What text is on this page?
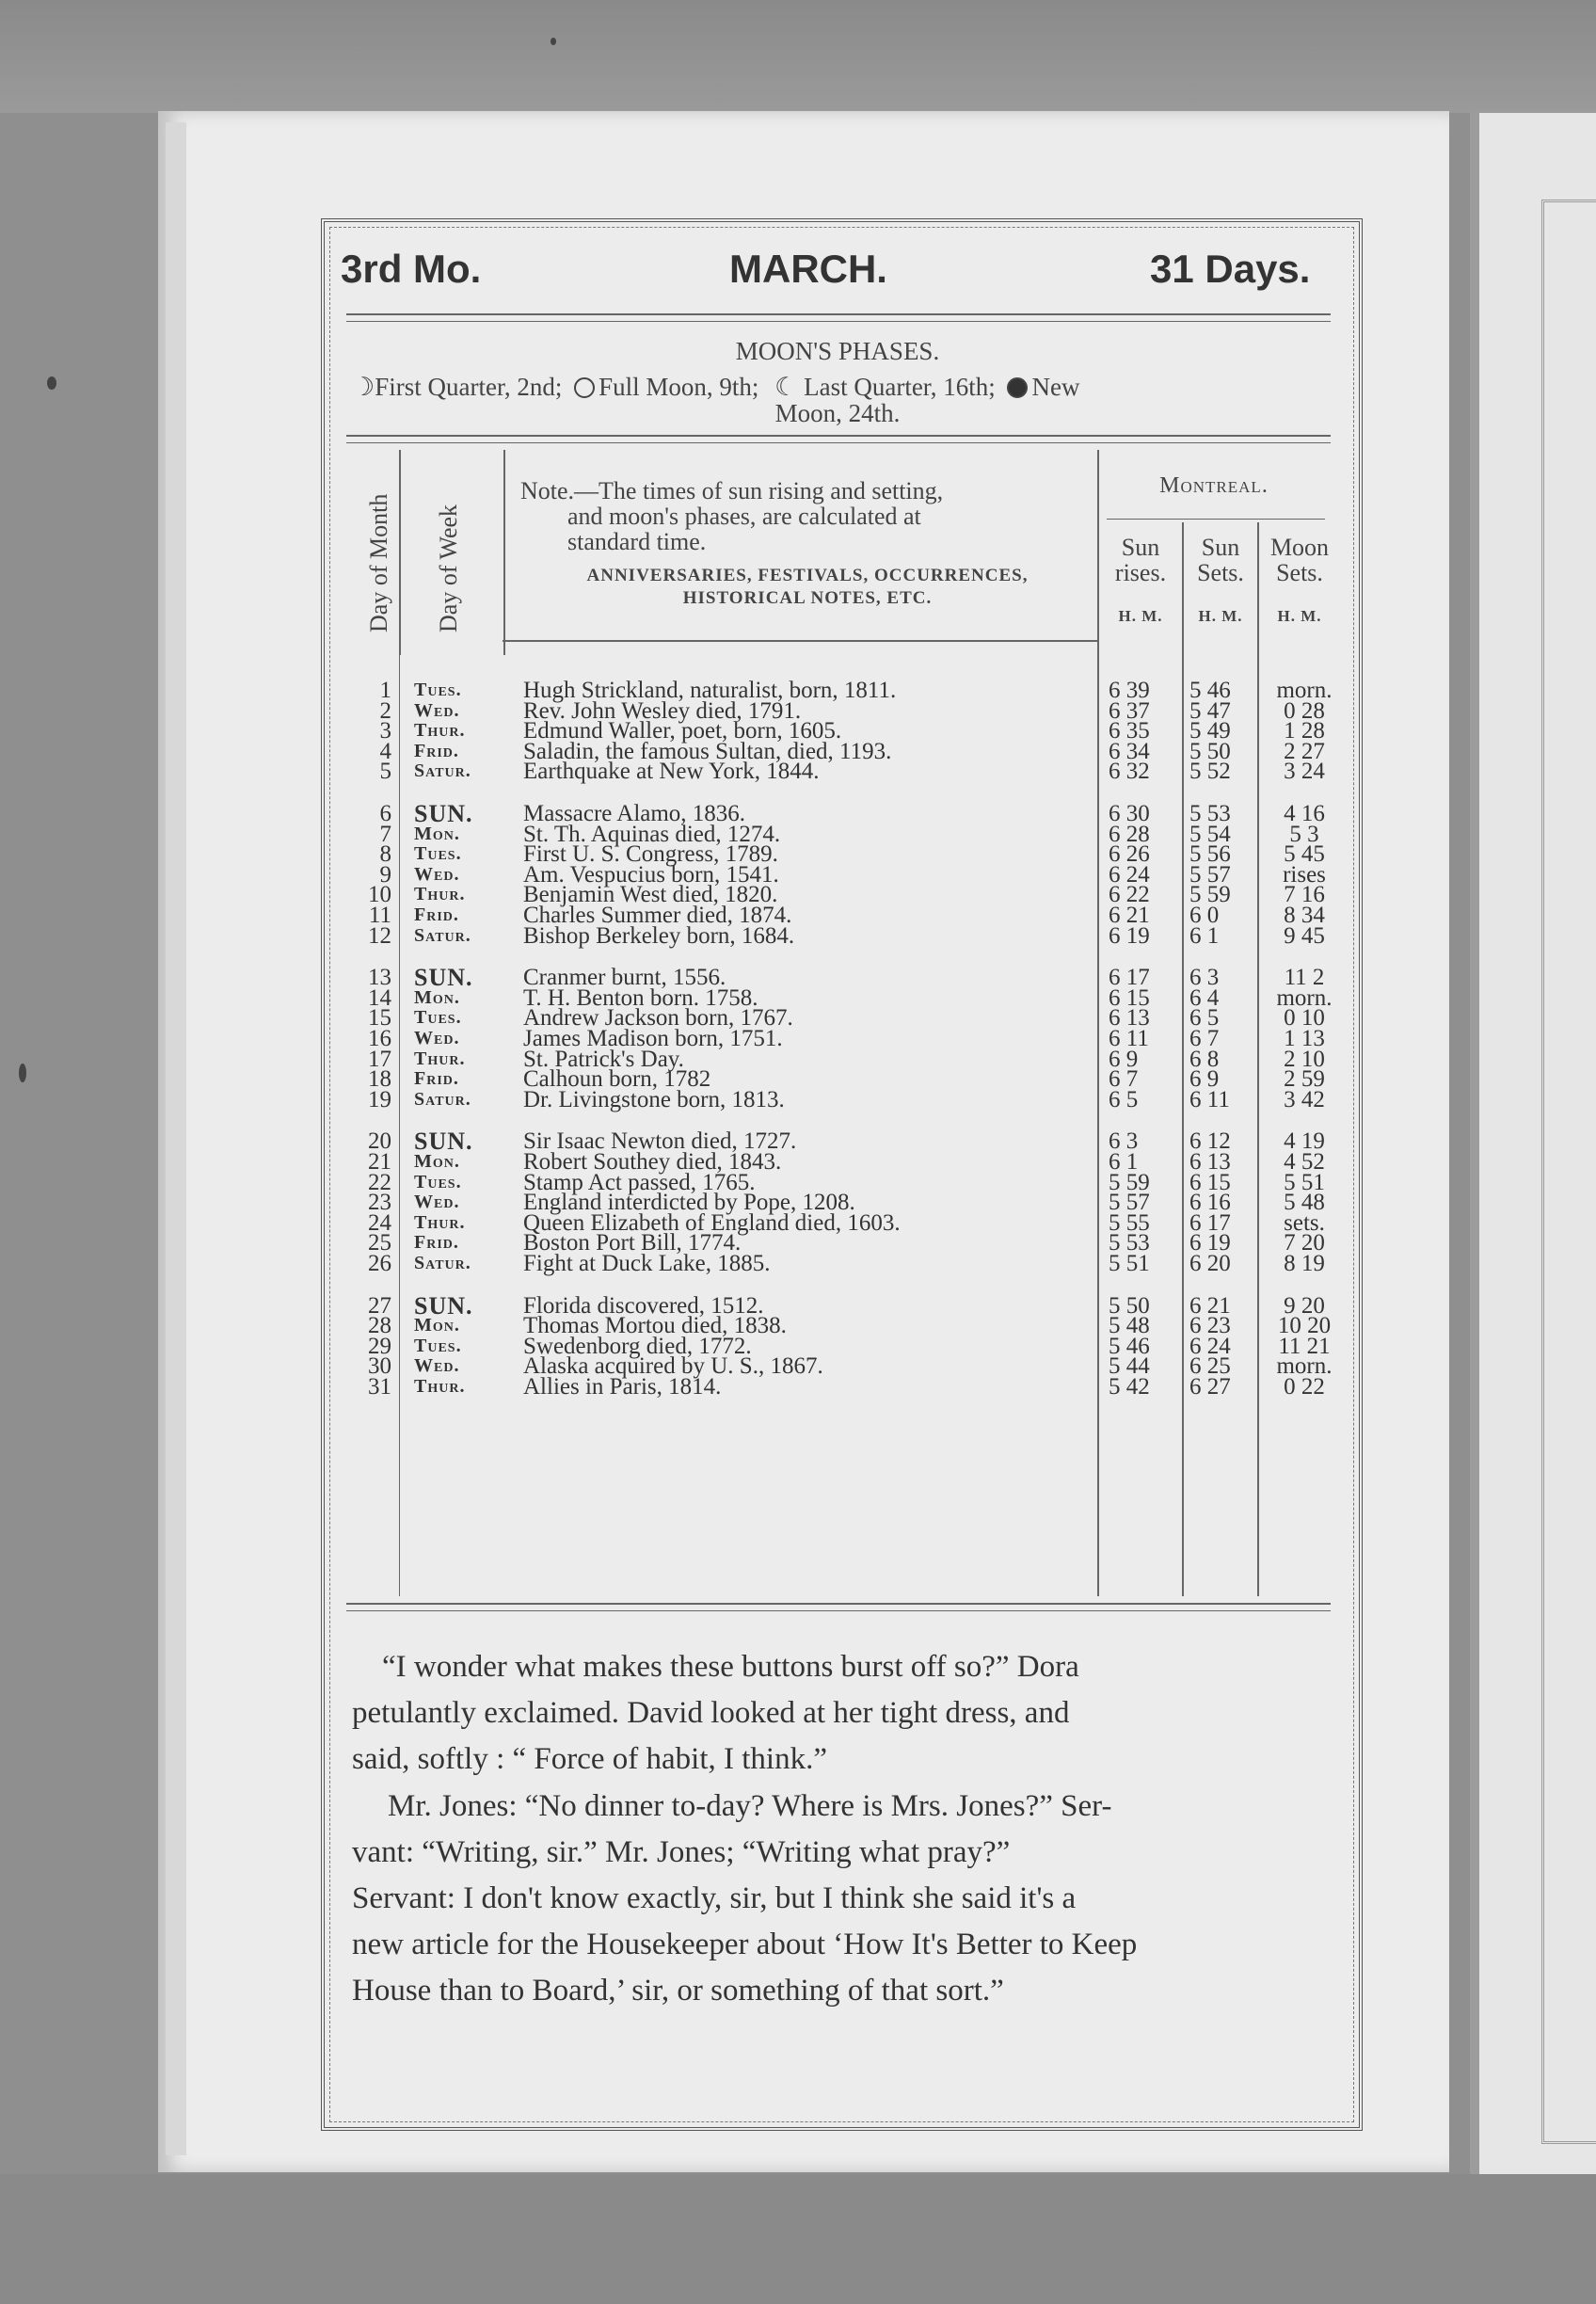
3rd Mo.	MARCH.	31 Days.
MOON'S PHASES.
☽First Quarter, 2nd; Full Moon, 9th; ☾ Last Quarter, 16th; New
Moon, 24th.
Day of Month Day of Week
Note.—The times of sun rising and setting,
and moon's phases, are calculated at
standard time.
ANNIVERSARIES, FESTIVALS, OCCURRENCES,
HISTORICAL NOTES, ETC.
Montreal.
Sun
rises.
Sun
Sets.
Moon
Sets.
H. M.	H. M.	H. M.
1 Tues.	Hugh Strickland, naturalist, born, 1811.	6 39	5 46	morn.
2 Wed.	Rev. John Wesley died, 1791.	6 37	5 47	0 28
3 Thur.	Edmund Waller, poet, born, 1605.	6 35	5 49	1 28
4 Frid.	Saladin, the famous Sultan, died, 1193.	6 34	5 50	2 27
5 Satur.	Earthquake at New York, 1844.	6 32	5 52	3 24
6 SUN.	Massacre Alamo, 1836.	6 30	5 53	4 16
7 Mon.	St. Th. Aquinas died, 1274.	6 28	5 54	5 3
8 Tues.	First U. S. Congress, 1789.	6 26	5 56	5 45
9 Wed.	Am. Vespucius born, 1541.	6 24	5 57	rises
10 Thur.	Benjamin West died, 1820.	6 22	5 59	7 16
11 Frid.	Charles Summer died, 1874.	6 21	6 0	8 34
12 Satur.	Bishop Berkeley born, 1684.	6 19	6 1	9 45
13 SUN.	Cranmer burnt, 1556.	6 17	6 3	11 2
14 Mon.	T. H. Benton born. 1758.	6 15	6 4	morn.
15 Tues.	Andrew Jackson born, 1767.	6 13	6 5	0 10
16 Wed.	James Madison born, 1751.	6 11	6 7	1 13
17 Thur.	St. Patrick's Day.	6 9	6 8	2 10
18 Frid.	Calhoun born, 1782	6 7	6 9	2 59
19 Satur.	Dr. Livingstone born, 1813.	6 5	6 11	3 42
20 SUN.	Sir Isaac Newton died, 1727.	6 3	6 12	4 19
21 Mon.	Robert Southey died, 1843.	6 1	6 13	4 52
22 Tues.	Stamp Act passed, 1765.	5 59	6 15	5 51
23 Wed.	England interdicted by Pope, 1208.	5 57	6 16	5 48
24 Thur.	Queen Elizabeth of England died, 1603.	5 55	6 17	sets.
25 Frid.	Boston Port Bill, 1774.	5 53	6 19	7 20
26 Satur.	Fight at Duck Lake, 1885.	5 51	6 20	8 19
27 SUN.	Florida discovered, 1512.	5 50	6 21	9 20
28 Mon.	Thomas Mortou died, 1838.	5 48	6 23	10 20
29 Tues.	Swedenborg died, 1772.	5 46	6 24	11 21
30 Wed.	Alaska acquired by U. S., 1867.	5 44	6 25	morn.
31 Thur.	Allies in Paris, 1814.	5 42	6 27	0 22
“I wonder what makes these buttons burst off so?” Dora
petulantly exclaimed. David looked at her tight dress, and
said, softly : “ Force of habit, I think.”
Mr. Jones: “No dinner to-day? Where is Mrs. Jones?” Ser-
vant: “Writing, sir.” Mr. Jones; “Writing what pray?”
Servant: I don't know exactly, sir, but I think she said it's a
new article for the Housekeeper about ‘How It's Better to Keep
House than to Board,’ sir, or something of that sort.”
